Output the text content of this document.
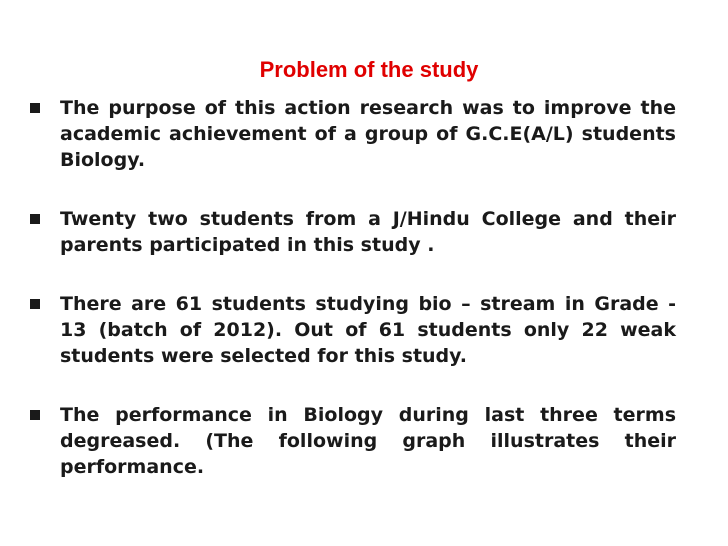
Problem of the study
The purpose of this action research was to improve the academic achievement of a group of G.C.E(A/L) students Biology.
Twenty two students from a J/Hindu College and their parents participated in this study .
There are 61 students studying bio – stream in Grade - 13 (batch of 2012). Out of 61 students only 22 weak students were selected for this study.
The performance in Biology during last three terms degreased. (The following graph illustrates their performance.
